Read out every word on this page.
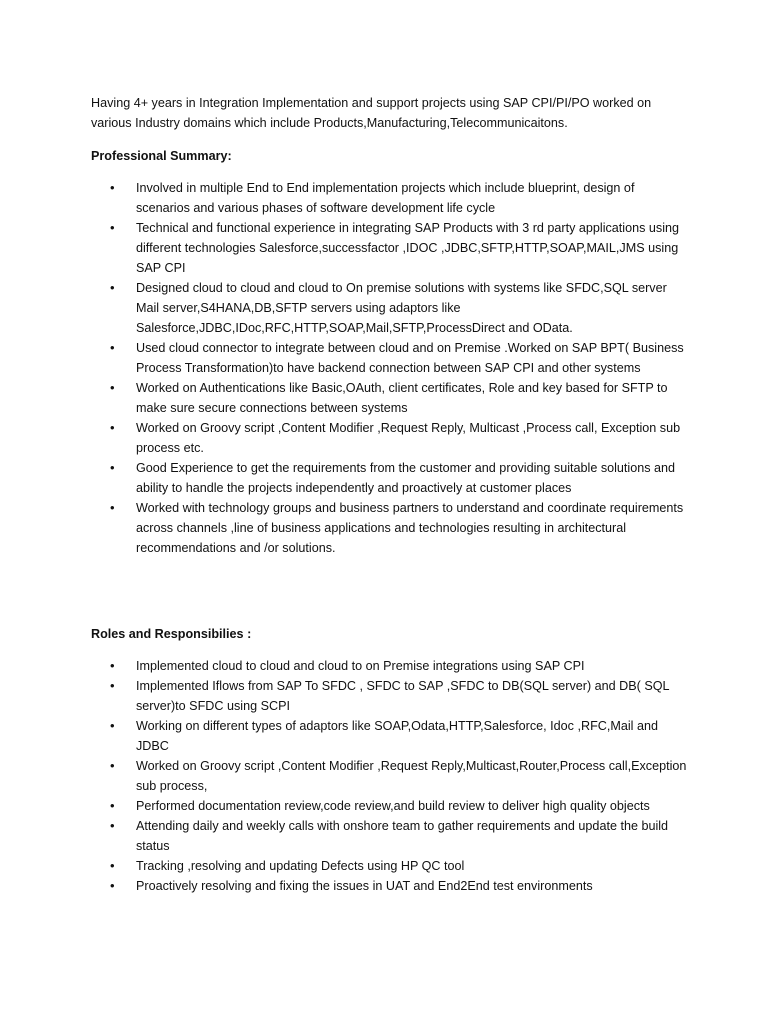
Having 4+ years in Integration Implementation and support projects using SAP CPI/PI/PO worked on various Industry domains which include Products,Manufacturing,Telecommunicaitons.

Professional Summary:
• Involved in multiple End to End implementation projects which include blueprint, design of scenarios and various phases of software development life cycle
• Technical and functional experience in integrating SAP Products with 3 rd party applications using different technologies Salesforce,successfactor ,IDOC ,JDBC,SFTP,HTTP,SOAP,MAIL,JMS using SAP CPI
• Designed cloud to cloud and cloud to On premise solutions with systems like SFDC,SQL server Mail server,S4HANA,DB,SFTP servers using adaptors like Salesforce,JDBC,IDoc,RFC,HTTP,SOAP,Mail,SFTP,ProcessDirect and OData.
• Used cloud connector to integrate between cloud and on Premise .Worked on SAP BPT( Business Process Transformation)to have backend connection between SAP CPI and other systems
• Worked on Authentications like Basic,OAuth, client certificates, Role and key based for SFTP to make sure secure connections between systems
• Worked on Groovy script ,Content Modifier ,Request Reply, Multicast ,Process call, Exception sub process etc.
• Good Experience to get the requirements from the customer and providing suitable solutions and ability to handle the projects independently and proactively at customer places
• Worked with technology groups and business partners to understand and coordinate requirements across channels ,line of business applications and technologies resulting in architectural recommendations and /or solutions.
Roles and Responsibilies :
• Implemented cloud to cloud and cloud to on Premise integrations using SAP CPI
• Implemented Iflows from SAP To SFDC , SFDC to SAP ,SFDC to DB(SQL server) and DB( SQL server)to SFDC using SCPI
• Working on different types of adaptors like SOAP,Odata,HTTP,Salesforce, Idoc ,RFC,Mail and JDBC
• Worked on Groovy script ,Content Modifier ,Request Reply,Multicast,Router,Process call,Exception sub process,
• Performed documentation review,code review,and build review to deliver high quality objects
• Attending daily and weekly calls with onshore team to gather requirements and update the build status
• Tracking ,resolving and updating Defects using HP QC tool
• Proactively resolving and fixing the issues in UAT and End2End test environments
